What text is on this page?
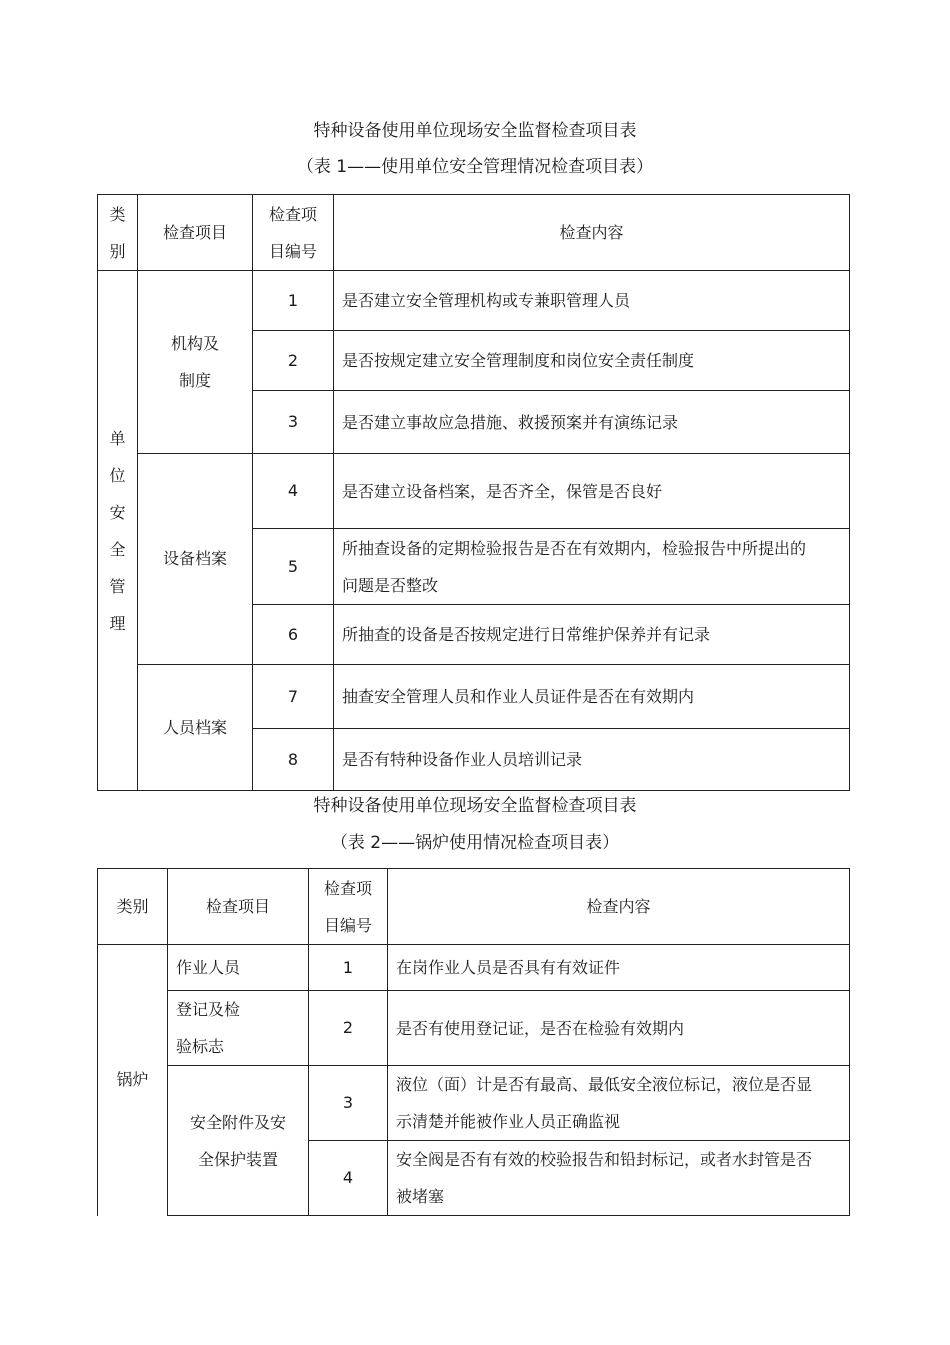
特种设备使用单位现场安全监督检查项目表
（表 1——使用单位安全管理情况检查项目表）
类别	检查项目	检查项目编号	检查内容
单位安全管理	机构及制度	1	是否建立安全管理机构或专兼职管理人员
		2	是否按规定建立安全管理制度和岗位安全责任制度
		3	是否建立事故应急措施、救援预案并有演练记录
	设备档案	4	是否建立设备档案，是否齐全，保管是否良好
		5	所抽查设备的定期检验报告是否在有效期内，检验报告中所提出的问题是否整改
		6	所抽查的设备是否按规定进行日常维护保养并有记录
	人员档案	7	抽查安全管理人员和作业人员证件是否在有效期内
		8	是否有特种设备作业人员培训记录
特种设备使用单位现场安全监督检查项目表
（表 2——锅炉使用情况检查项目表）
类别	检查项目	检查项目编号	检查内容
锅炉	作业人员	1	在岗作业人员是否具有有效证件
	登记及检验标志	2	是否有使用登记证，是否在检验有效期内
	安全附件及安全保护装置	3	液位（面）计是否有最高、最低安全液位标记，液位是否显示清楚并能被作业人员正确监视
		4	安全阀是否有有效的校验报告和铅封标记，或者水封管是否被堵塞
